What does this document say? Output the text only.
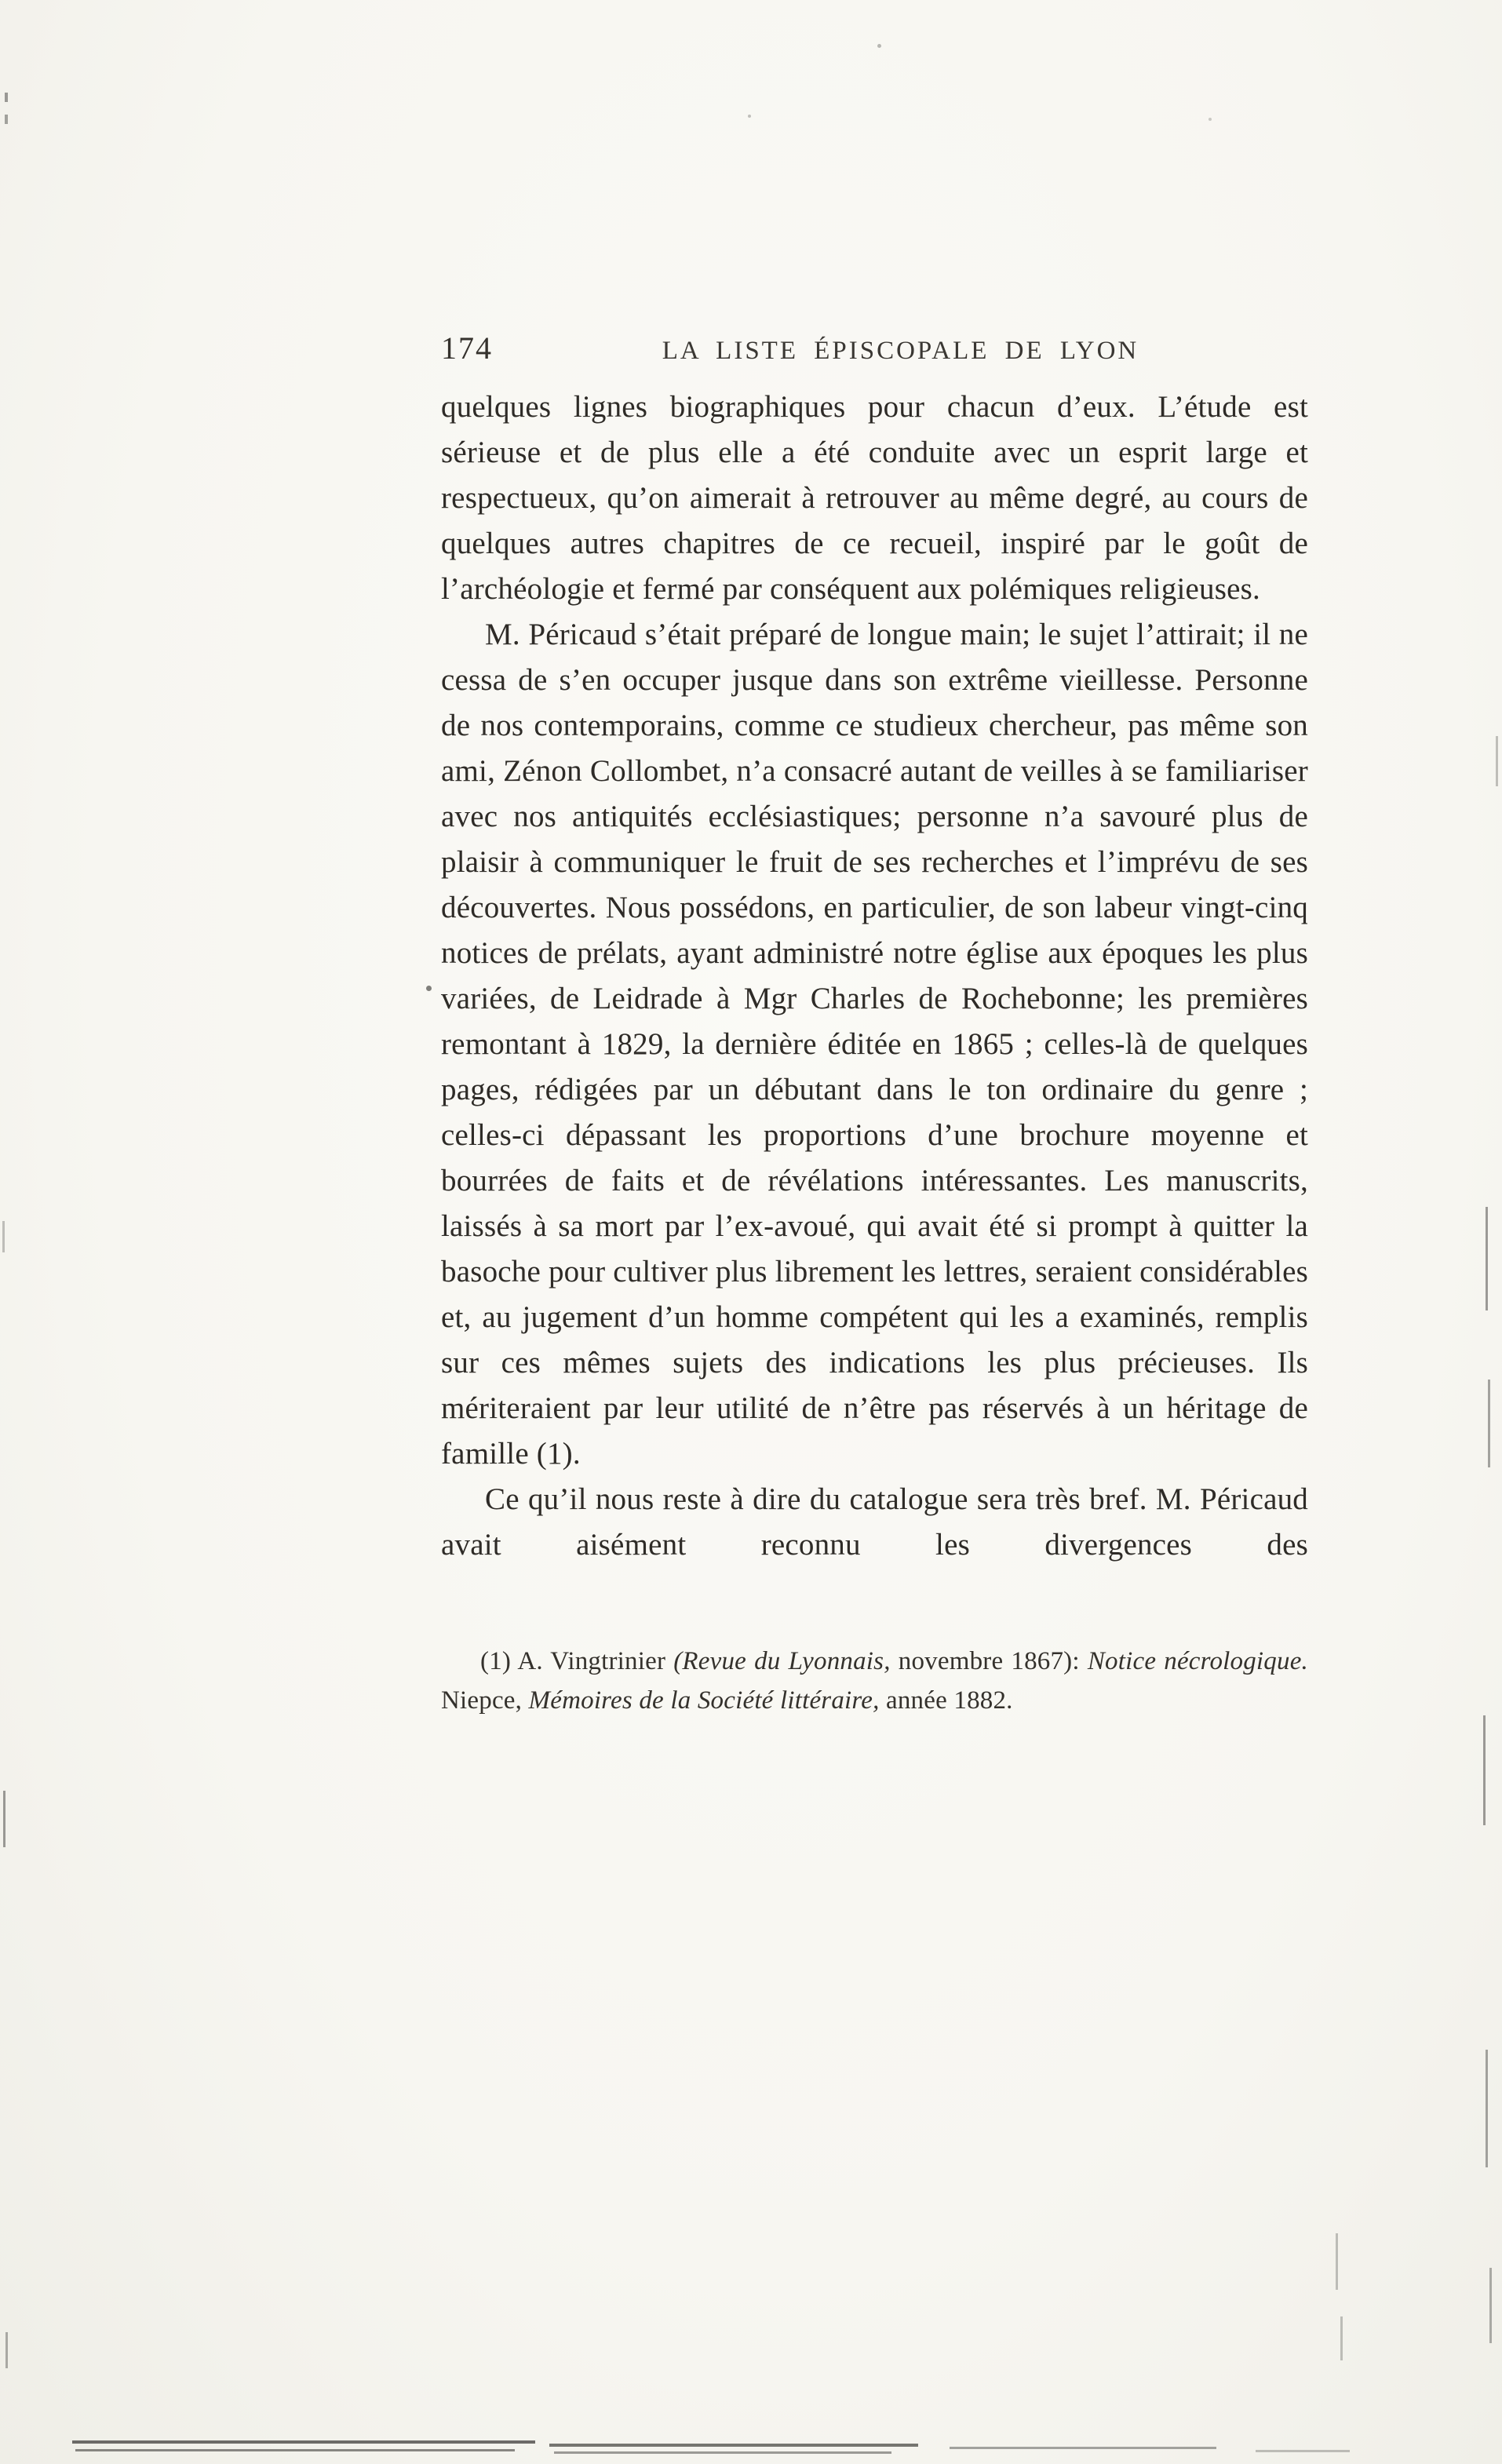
174	LA LISTE ÉPISCOPALE DE LYON

quelques lignes biographiques pour chacun d’eux. L’étude est sérieuse et de plus elle a été conduite avec un esprit large et respectueux, qu’on aimerait à retrouver au même degré, au cours de quelques autres chapitres de ce recueil, inspiré par le goût de l’archéologie et fermé par conséquent aux polémiques religieuses.

M. Péricaud s’était préparé de longue main; le sujet l’attirait; il ne cessa de s’en occuper jusque dans son extrême vieillesse. Personne de nos contemporains, comme ce studieux chercheur, pas même son ami, Zénon Collombet, n’a consacré autant de veilles à se familiariser avec nos antiquités ecclésiastiques; personne n’a savouré plus de plaisir à communiquer le fruit de ses recherches et l’imprévu de ses découvertes. Nous possédons, en particulier, de son labeur vingt-cinq notices de prélats, ayant administré notre église aux époques les plus variées, de Leidrade à Mgr Charles de Rochebonne; les premières remontant à 1829, la dernière éditée en 1865 ; celles-là de quelques pages, rédigées par un débutant dans le ton ordinaire du genre ; celles-ci dépassant les proportions d’une brochure moyenne et bourrées de faits et de révélations intéressantes. Les manuscrits, laissés à sa mort par l’ex-avoué, qui avait été si prompt à quitter la basoche pour cultiver plus librement les lettres, seraient considérables et, au jugement d’un homme compétent qui les a examinés, remplis sur ces mêmes sujets des indications les plus précieuses. Ils mériteraient par leur utilité de n’être pas réservés à un héritage de famille (1).

Ce qu’il nous reste à dire du catalogue sera très bref. M. Péricaud avait aisément reconnu les divergences des

(1) A. Vingtrinier (Revue du Lyonnais, novembre 1867): Notice nécrologique. Niepce, Mémoires de la Société littéraire, année 1882.
